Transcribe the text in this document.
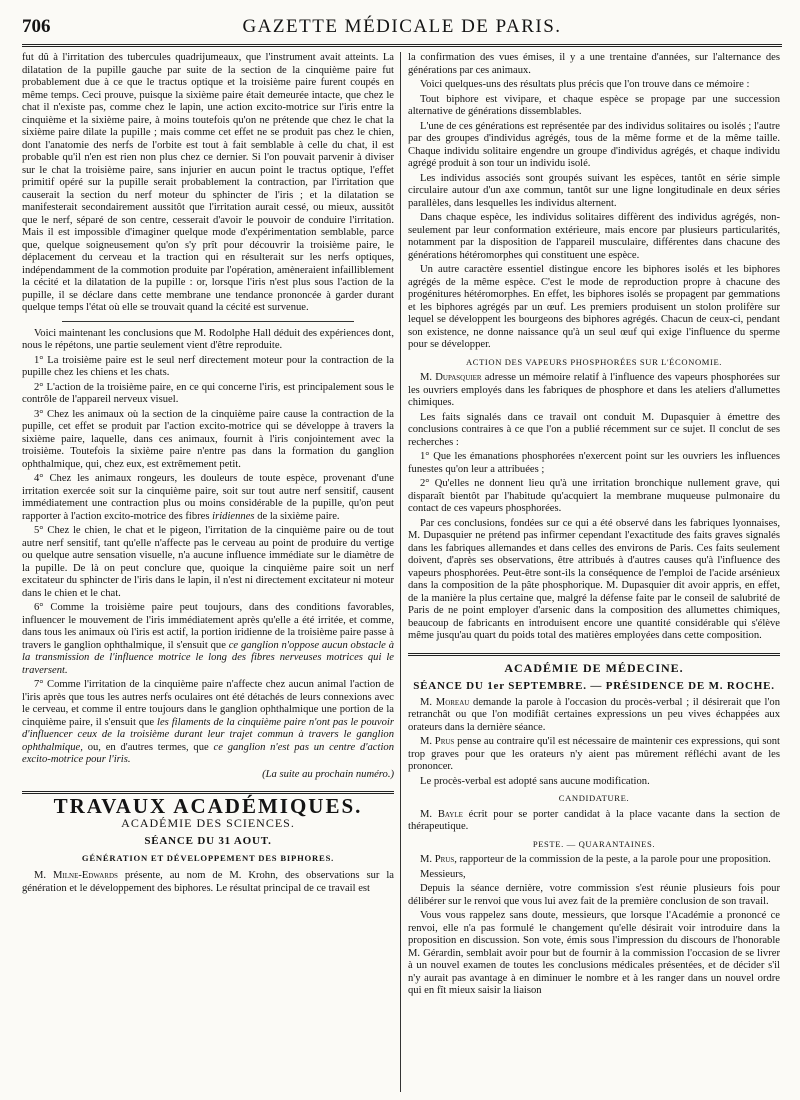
706	GAZETTE MÉDICALE DE PARIS.

fut dû à l'irritation des tubercules quadrijumeaux, que l'instrument avait atteints. La dilatation de la pupille gauche par suite de la section de la cinquième paire fut probablement due à ce que le tractus optique et la troisième paire furent coupés en même temps. Ceci prouve, puisque la sixième paire était demeurée intacte, que chez le chat il n'existe pas, comme chez le lapin, une action excito-motrice sur l'iris entre la cinquième et la sixième paire, à moins toutefois qu'on ne prétende que chez le chat la sixième paire dilate la pupille ; mais comme cet effet ne se produit pas chez le chien, dont l'anatomie des nerfs de l'orbite est tout à fait semblable à celle du chat, il est probable qu'il n'en est rien non plus chez ce dernier. Si l'on pouvait parvenir à diviser sur le chat la troisième paire, sans injurier en aucun point le tractus optique, l'effet primitif opéré sur la pupille serait probablement la contraction, par l'irritation que causerait la section du nerf moteur du sphincter de l'iris ; et la dilatation se manifesterait secondairement aussitôt que l'irritation aurait cessé, ou mieux, aussitôt que le nerf, séparé de son centre, cesserait d'avoir le pouvoir de conduire l'irritation. Mais il est impossible d'imaginer quelque mode d'expérimentation semblable, parce que, quelque soigneusement qu'on s'y prît pour découvrir la troisième paire, le déplacement du cerveau et la traction qui en résulterait sur les nerfs optiques, indépendamment de la commotion produite par l'opération, amèneraient infailliblement la cécité et la dilatation de la pupille : or, lorsque l'iris n'est plus sous l'action de la pupille, il se déclare dans cette membrane une tendance prononcée à garder durant quelque temps l'état où elle se trouvait quand la cécité est survenue.

Voici maintenant les conclusions que M. Rodolphe Hall déduit des expériences dont, nous le répétons, une partie seulement vient d'être reproduite.

1° La troisième paire est le seul nerf directement moteur pour la contraction de la pupille chez les chiens et les chats.

2° L'action de la troisième paire, en ce qui concerne l'iris, est principalement sous le contrôle de l'appareil nerveux visuel.

3° Chez les animaux où la section de la cinquième paire cause la contraction de la pupille, cet effet se produit par l'action excito-motrice qui se développe à travers la sixième paire, laquelle, dans ces animaux, fournit à l'iris conjointement avec la troisième. Toutefois la sixième paire n'entre pas dans la formation du ganglion ophthalmique, qui, chez eux, est extrêmement petit.

4° Chez les animaux rongeurs, les douleurs de toute espèce, provenant d'une irritation exercée soit sur la cinquième paire, soit sur tout autre nerf sensitif, causent immédiatement une contraction plus ou moins considérable de la pupille, qu'on peut rapporter à l'action excito-motrice des fibres iridiennes de la sixième paire.

5° Chez le chien, le chat et le pigeon, l'irritation de la cinquième paire ou de tout autre nerf sensitif, tant qu'elle n'affecte pas le cerveau au point de produire du vertige ou quelque autre sensation visuelle, n'a aucune influence immédiate sur le diamètre de la pupille. De là on peut conclure que, quoique la cinquième paire soit un nerf excitateur du sphincter de l'iris dans le lapin, il n'est ni directement excitateur ni moteur dans le chien et le chat.

6° Comme la troisième paire peut toujours, dans des conditions favorables, influencer le mouvement de l'iris immédiatement après qu'elle a été irritée, et comme, dans tous les animaux où l'iris est actif, la portion iridienne de la troisième paire passe à travers le ganglion ophthalmique, il s'ensuit que ce ganglion n'oppose aucun obstacle à la transmission de l'influence motrice le long des fibres nerveuses motrices qui le traversent.

7° Comme l'irritation de la cinquième paire n'affecte chez aucun animal l'action de l'iris après que tous les autres nerfs oculaires ont été détachés de leurs connexions avec le cerveau, et comme il entre toujours dans le ganglion ophthalmique une portion de la cinquième paire, il s'ensuit que les filaments de la cinquième paire n'ont pas le pouvoir d'influencer ceux de la troisième durant leur trajet commun à travers le ganglion ophthalmique, ou, en d'autres termes, que ce ganglion n'est pas un centre d'action excito-motrice pour l'iris.

(La suite au prochain numéro.)

TRAVAUX ACADÉMIQUES.
ACADÉMIE DES SCIENCES.
SÉANCE DU 31 AOUT.
GÉNÉRATION ET DÉVELOPPEMENT DES BIPHORES.

M. Milne-Edwards présente, au nom de M. Krohn, des observations sur la génération et le développement des biphores. Le résultat principal de ce travail est

la confirmation des vues émises, il y a une trentaine d'années, sur l'alternance des générations par ces animaux.

Voici quelques-uns des résultats plus précis que l'on trouve dans ce mémoire :

Tout biphore est vivipare, et chaque espèce se propage par une succession alternative de générations dissemblables.

L'une de ces générations est représentée par des individus solitaires ou isolés ; l'autre par des groupes d'individus agrégés, tous de la même forme et de la même taille. Chaque individu solitaire engendre un groupe d'individus agrégés, et chaque individu agrégé produit à son tour un individu isolé.

Les individus associés sont groupés suivant les espèces, tantôt en série simple circulaire autour d'un axe commun, tantôt sur une ligne longitudinale en deux séries parallèles, dans lesquelles les individus alternent.

Dans chaque espèce, les individus solitaires diffèrent des individus agrégés, non-seulement par leur conformation extérieure, mais encore par plusieurs particularités, notamment par la disposition de l'appareil musculaire, différentes dans chacune des générations hétéromorphes qui constituent une espèce.

Un autre caractère essentiel distingue encore les biphores isolés et les biphores agrégés de la même espèce. C'est le mode de reproduction propre à chacune des progénitures hétéromorphes. En effet, les biphores isolés se propagent par gemmations et les biphores agrégés par un œuf. Les premiers produisent un stolon prolifère sur lequel se développent les bourgeons des biphores agrégés. Chacun de ceux-ci, pendant son existence, ne donne naissance qu'à un seul œuf qui exige l'influence du sperme pour se développer.

ACTION DES VAPEURS PHOSPHORÉES SUR L'ÉCONOMIE.

M. Dupasquier adresse un mémoire relatif à l'influence des vapeurs phosphorées sur les ouvriers employés dans les fabriques de phosphore et dans les ateliers d'allumettes chimiques.

Les faits signalés dans ce travail ont conduit M. Dupasquier à émettre des conclusions contraires à ce que l'on a publié récemment sur ce sujet. Il conclut de ses recherches :

1° Que les émanations phosphorées n'exercent point sur les ouvriers les influences funestes qu'on leur a attribuées ;

2° Qu'elles ne donnent lieu qu'à une irritation bronchique nullement grave, qui disparaît bientôt par l'habitude qu'acquiert la membrane muqueuse pulmonaire du contact de ces vapeurs phosphorées.

Par ces conclusions, fondées sur ce qui a été observé dans les fabriques lyonnaises, M. Dupasquier ne prétend pas infirmer cependant l'exactitude des faits graves signalés dans les fabriques allemandes et dans celles des environs de Paris. Ces faits seulement doivent, d'après ses observations, être attribués à d'autres causes qu'à l'influence des vapeurs phosphorées. Peut-être sont-ils la conséquence de l'emploi de l'acide arsénieux dans la composition de la pâte phosphorique. M. Dupasquier dit avoir appris, en effet, de la manière la plus certaine que, malgré la défense faite par le conseil de salubrité de Paris de ne point employer d'arsenic dans la composition des allumettes chimiques, beaucoup de fabricants en introduisent encore une quantité considérable qui s'élève même jusqu'au quart du poids total des matières employées dans cette composition.

ACADÉMIE DE MÉDECINE.
SÉANCE DU 1er SEPTEMBRE. — PRÉSIDENCE DE M. ROCHE.

M. Moreau demande la parole à l'occasion du procès-verbal ; il désirerait que l'on retranchât ou que l'on modifiât certaines expressions un peu vives échappées aux orateurs dans la dernière séance.

M. Prus pense au contraire qu'il est nécessaire de maintenir ces expressions, qui sont trop graves pour que les orateurs n'y aient pas mûrement réfléchi avant de les prononcer.

Le procès-verbal est adopté sans aucune modification.

CANDIDATURE.

M. Bayle écrit pour se porter candidat à la place vacante dans la section de thérapeutique.

PESTE. — QUARANTAINES.

M. Prus, rapporteur de la commission de la peste, a la parole pour une proposition.

Messieurs,

Depuis la séance dernière, votre commission s'est réunie plusieurs fois pour délibérer sur le renvoi que vous lui avez fait de la première conclusion de son travail.

Vous vous rappelez sans doute, messieurs, que lorsque l'Académie a prononcé ce renvoi, elle n'a pas formulé le changement qu'elle désirait voir introduire dans la proposition en discussion. Son vote, émis sous l'impression du discours de l'honorable M. Gérardin, semblait avoir pour but de fournir à la commission l'occasion de se livrer à un nouvel examen de toutes les conclusions médicales présentées, et de décider s'il n'y aurait pas avantage à en diminuer le nombre et à les ranger dans un nouvel ordre qui en fît mieux saisir la liaison
